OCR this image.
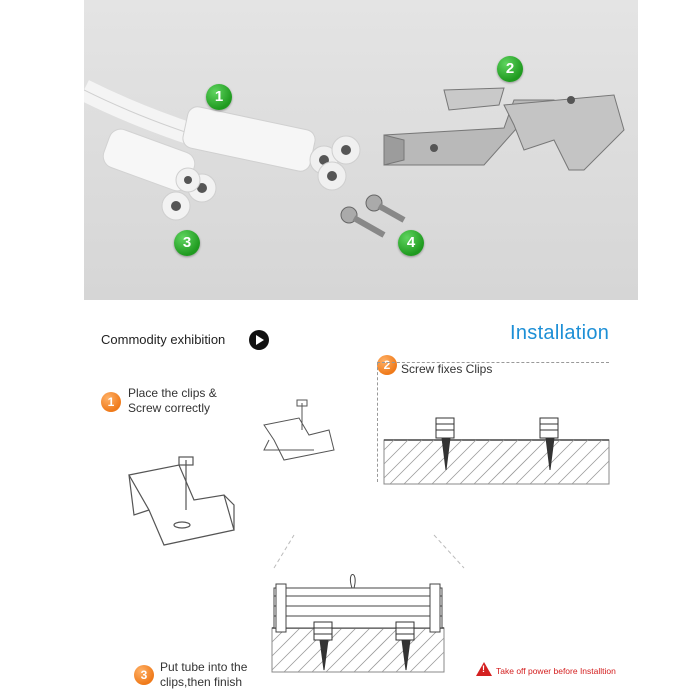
1
2
3	4
Commodity exhibition	Installation
2 Screw fixes Clips
1
Place the clips &
Screw correctly
3
Put tube into the
clips,then finish
!
Take off power before Installtion
